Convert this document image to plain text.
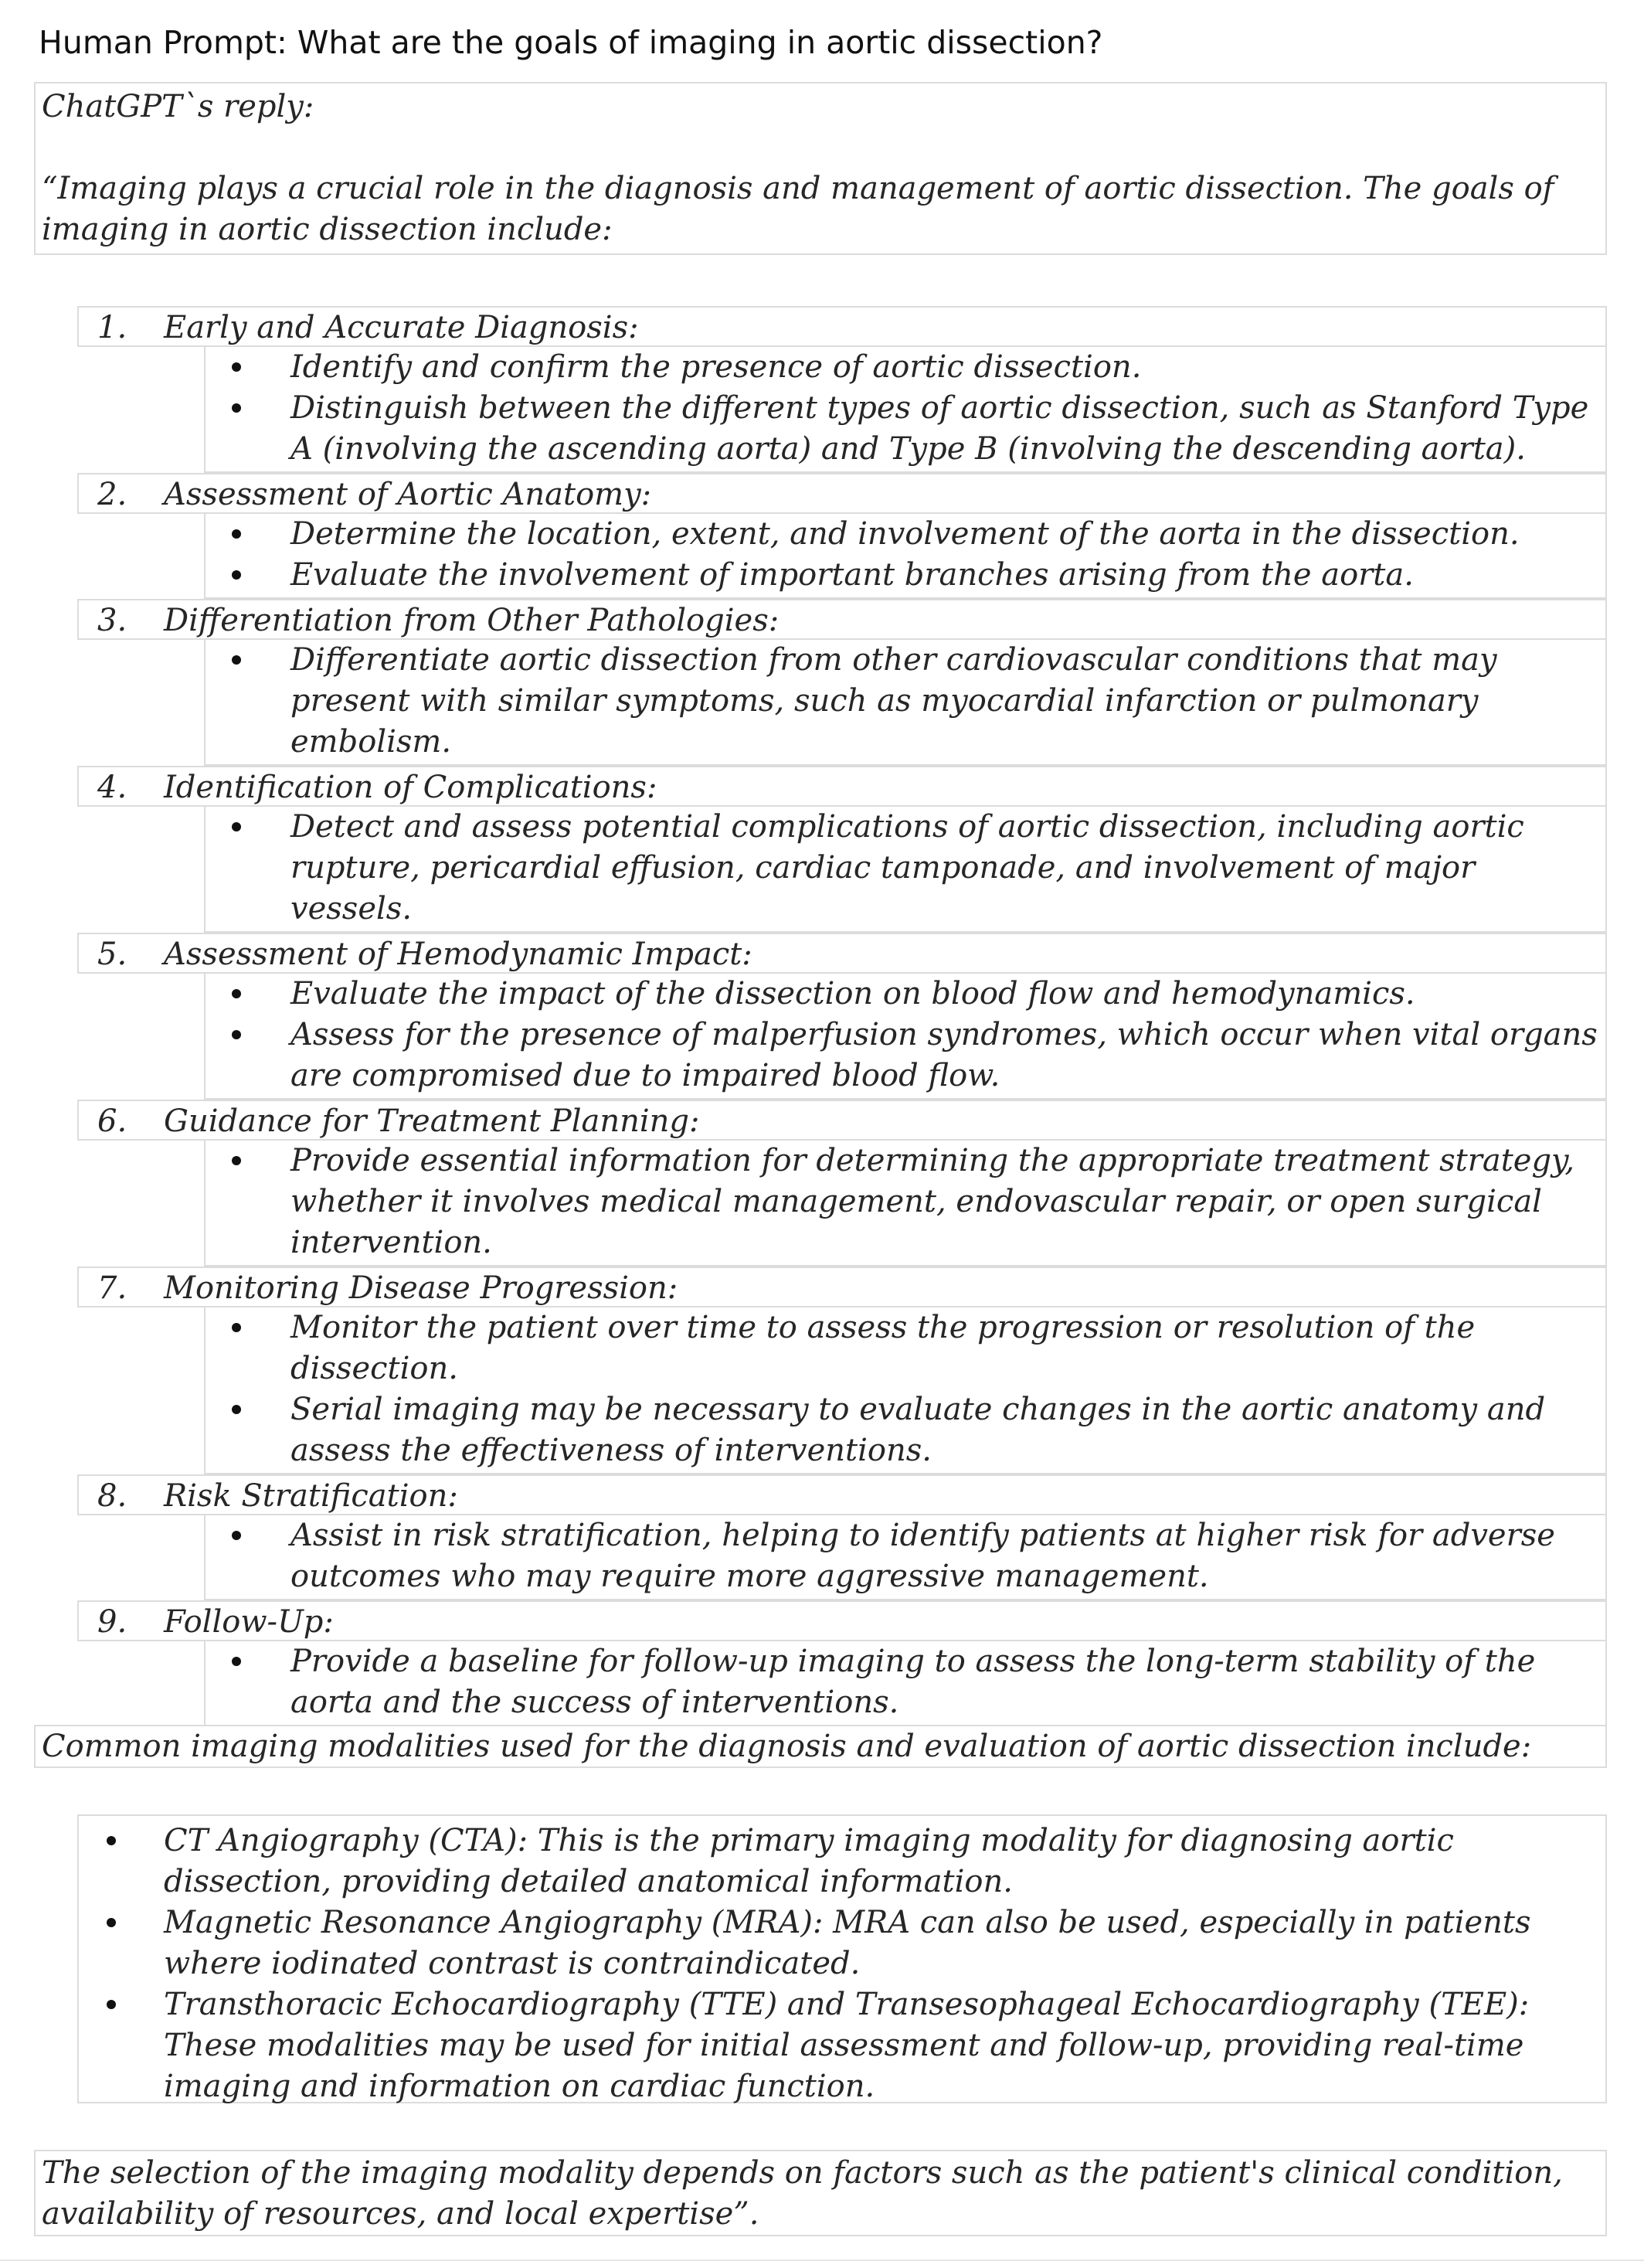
Human Prompt: What are the goals of imaging in aortic dissection?

ChatGPT`s reply:

“Imaging plays a crucial role in the diagnosis and management of aortic dissection. The goals of imaging in aortic dissection include:

1.	Early and Accurate Diagnosis:
Identify and confirm the presence of aortic dissection.
Distinguish between the different types of aortic dissection, such as Stanford Type A (involving the ascending aorta) and Type B (involving the descending aorta).
2.	Assessment of Aortic Anatomy:
Determine the location, extent, and involvement of the aorta in the dissection.
Evaluate the involvement of important branches arising from the aorta.
3.	Differentiation from Other Pathologies:
Differentiate aortic dissection from other cardiovascular conditions that may present with similar symptoms, such as myocardial infarction or pulmonary embolism.
4.	Identification of Complications:
Detect and assess potential complications of aortic dissection, including aortic rupture, pericardial effusion, cardiac tamponade, and involvement of major vessels.
5.	Assessment of Hemodynamic Impact:
Evaluate the impact of the dissection on blood flow and hemodynamics.
Assess for the presence of malperfusion syndromes, which occur when vital organs are compromised due to impaired blood flow.
6.	Guidance for Treatment Planning:
Provide essential information for determining the appropriate treatment strategy, whether it involves medical management, endovascular repair, or open surgical intervention.
7.	Monitoring Disease Progression:
Monitor the patient over time to assess the progression or resolution of the dissection.
Serial imaging may be necessary to evaluate changes in the aortic anatomy and assess the effectiveness of interventions.
8.	Risk Stratification:
Assist in risk stratification, helping to identify patients at higher risk for adverse outcomes who may require more aggressive management.
9.	Follow-Up:
Provide a baseline for follow-up imaging to assess the long-term stability of the aorta and the success of interventions.
Common imaging modalities used for the diagnosis and evaluation of aortic dissection include:
CT Angiography (CTA): This is the primary imaging modality for diagnosing aortic dissection, providing detailed anatomical information.
Magnetic Resonance Angiography (MRA): MRA can also be used, especially in patients where iodinated contrast is contraindicated.
Transthoracic Echocardiography (TTE) and Transesophageal Echocardiography (TEE): These modalities may be used for initial assessment and follow-up, providing real-time imaging and information on cardiac function.
The selection of the imaging modality depends on factors such as the patient's clinical condition, availability of resources, and local expertise”.
